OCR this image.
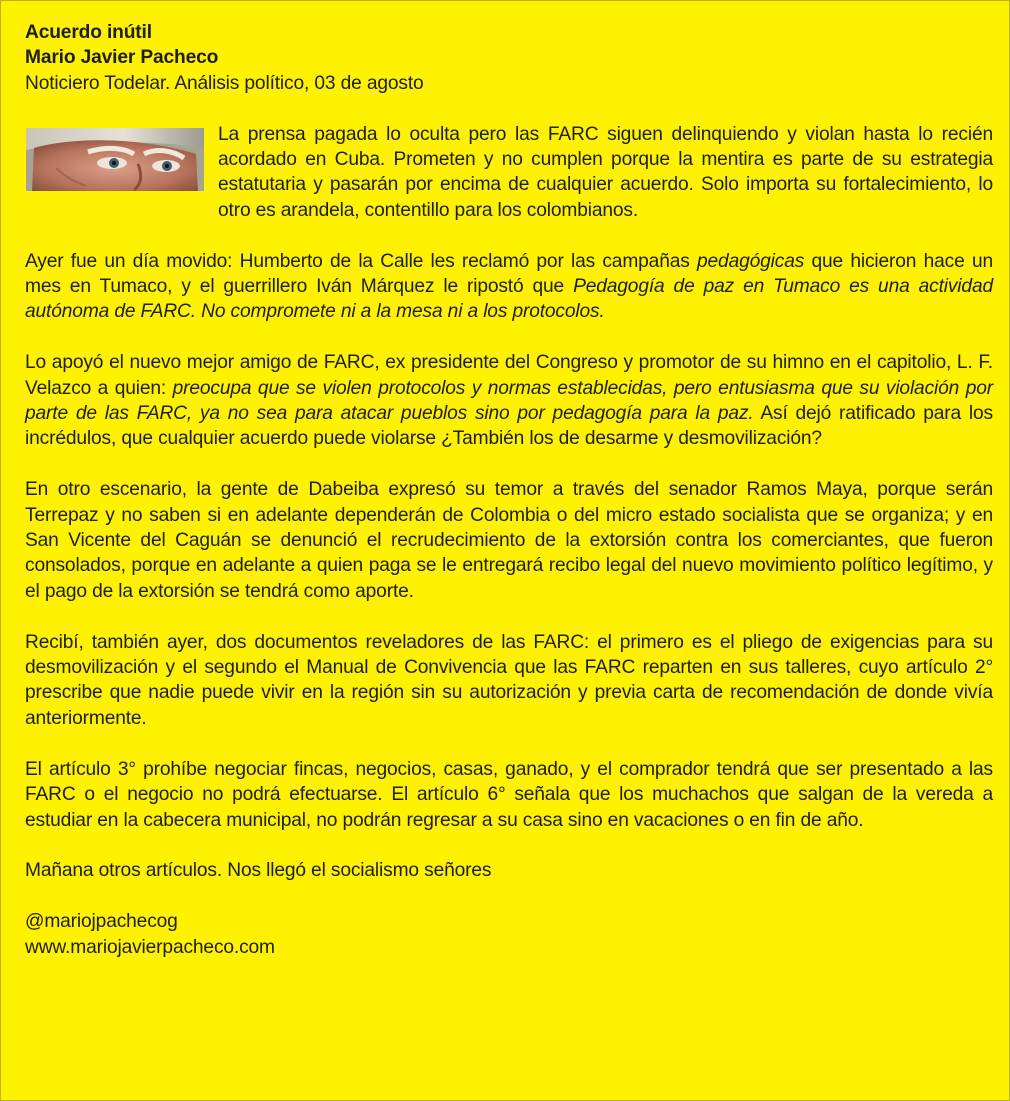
Acuerdo inútil
Mario Javier Pacheco
Noticiero Todelar. Análisis político, 03 de agosto

La prensa pagada lo oculta pero las FARC siguen delinquiendo y violan hasta lo recién acordado en Cuba. Prometen y no cumplen porque la mentira es parte de su estrategia estatutaria y pasarán por encima de cualquier acuerdo. Solo importa su fortalecimiento, lo otro es arandela, contentillo para los colombianos.

Ayer fue un día movido: Humberto de la Calle les reclamó por las campañas pedagógicas que hicieron hace un mes en Tumaco, y el guerrillero Iván Márquez le ripostó que Pedagogía de paz en Tumaco es una actividad autónoma de FARC. No compromete ni a la mesa ni a los protocolos.

Lo apoyó el nuevo mejor amigo de FARC, ex presidente del Congreso y promotor de su himno en el capitolio, L. F. Velazco a quien: preocupa que se violen protocolos y normas establecidas, pero entusiasma que su violación por parte de las FARC, ya no sea para atacar pueblos sino por pedagogía para la paz. Así dejó ratificado para los incrédulos, que cualquier acuerdo puede violarse ¿También los de desarme y desmovilización?

En otro escenario, la gente de Dabeiba expresó su temor a través del senador Ramos Maya, porque serán Terrepaz y no saben si en adelante dependerán de Colombia o del micro estado socialista que se organiza; y en San Vicente del Caguán se denunció el recrudecimiento de la extorsión contra los comerciantes, que fueron consolados, porque en adelante a quien paga se le entregará recibo legal del nuevo movimiento político legítimo, y el pago de la extorsión se tendrá como aporte.

Recibí, también ayer, dos documentos reveladores de las FARC: el primero es el pliego de exigencias para su desmovilización y el segundo el Manual de Convivencia que las FARC reparten en sus talleres, cuyo artículo 2° prescribe que nadie puede vivir en la región sin su autorización y previa carta de recomendación de donde vivía anteriormente.

El artículo 3° prohíbe negociar fincas, negocios, casas, ganado, y el comprador tendrá que ser presentado a las FARC o el negocio no podrá efectuarse. El artículo 6° señala que los muchachos que salgan de la vereda a estudiar en la cabecera municipal, no podrán regresar a su casa sino en vacaciones o en fin de año.

Mañana otros artículos. Nos llegó el socialismo señores

@mariojpachecog
www.mariojavierpacheco.com
